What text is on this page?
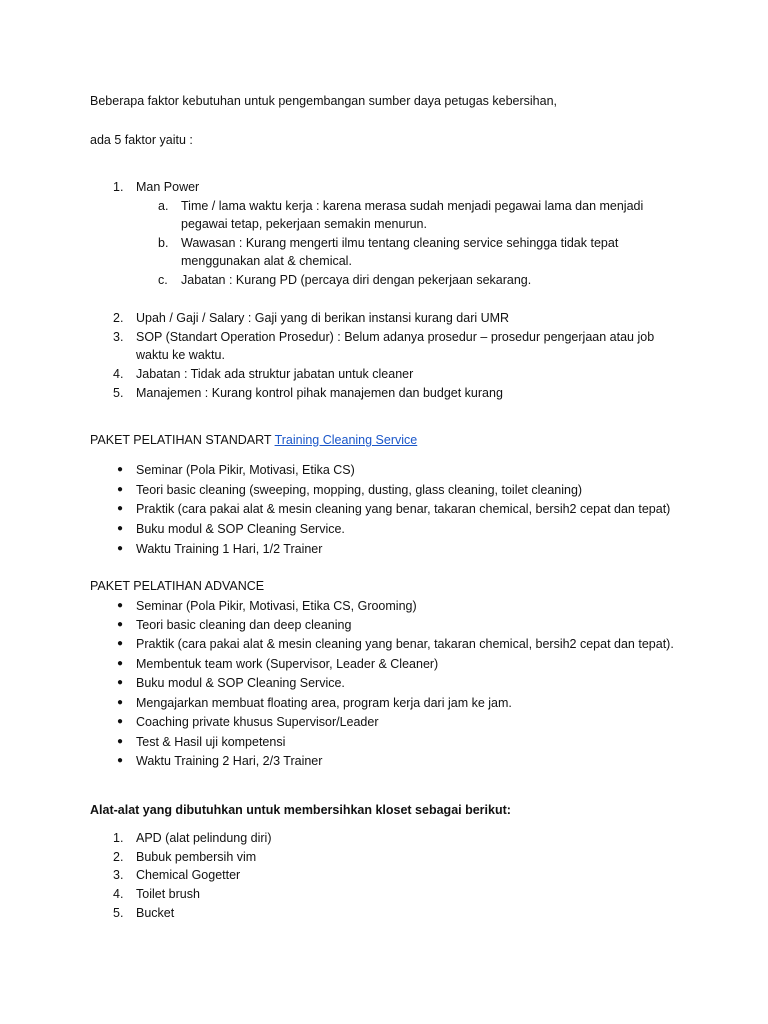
Beberapa faktor kebutuhan untuk pengembangan sumber daya petugas kebersihan,
ada 5 faktor yaitu :
1. Man Power
a. Time / lama waktu kerja : karena merasa sudah menjadi pegawai lama dan menjadi
pegawai tetap, pekerjaan semakin menurun.
b. Wawasan : Kurang mengerti ilmu tentang cleaning service sehingga tidak tepat
menggunakan alat & chemical.
c. Jabatan : Kurang PD (percaya diri dengan pekerjaan sekarang.
2. Upah / Gaji / Salary : Gaji yang di berikan instansi kurang dari UMR
3. SOP (Standart Operation Prosedur) : Belum adanya prosedur – prosedur pengerjaan atau job
waktu ke waktu.
4. Jabatan : Tidak ada struktur jabatan untuk cleaner
5. Manajemen : Kurang kontrol pihak manajemen dan budget kurang
PAKET PELATIHAN STANDART Training Cleaning Service
● Seminar (Pola Pikir, Motivasi, Etika CS)
● Teori basic cleaning (sweeping, mopping, dusting, glass cleaning, toilet cleaning)
● Praktik (cara pakai alat & mesin cleaning yang benar, takaran chemical, bersih2 cepat dan tepat)
● Buku modul & SOP Cleaning Service.
● Waktu Training 1 Hari, 1/2 Trainer
PAKET PELATIHAN ADVANCE
● Seminar (Pola Pikir, Motivasi, Etika CS, Grooming)
● Teori basic cleaning dan deep cleaning
● Praktik (cara pakai alat & mesin cleaning yang benar, takaran chemical, bersih2 cepat dan tepat).
● Membentuk team work (Supervisor, Leader & Cleaner)
● Buku modul & SOP Cleaning Service.
● Mengajarkan membuat floating area, program kerja dari jam ke jam.
● Coaching private khusus Supervisor/Leader
● Test & Hasil uji kompetensi
● Waktu Training 2 Hari, 2/3 Trainer
Alat-alat yang dibutuhkan untuk membersihkan kloset sebagai berikut:
1. APD (alat pelindung diri)
2. Bubuk pembersih vim
3. Chemical Gogetter
4. Toilet brush
5. Bucket
